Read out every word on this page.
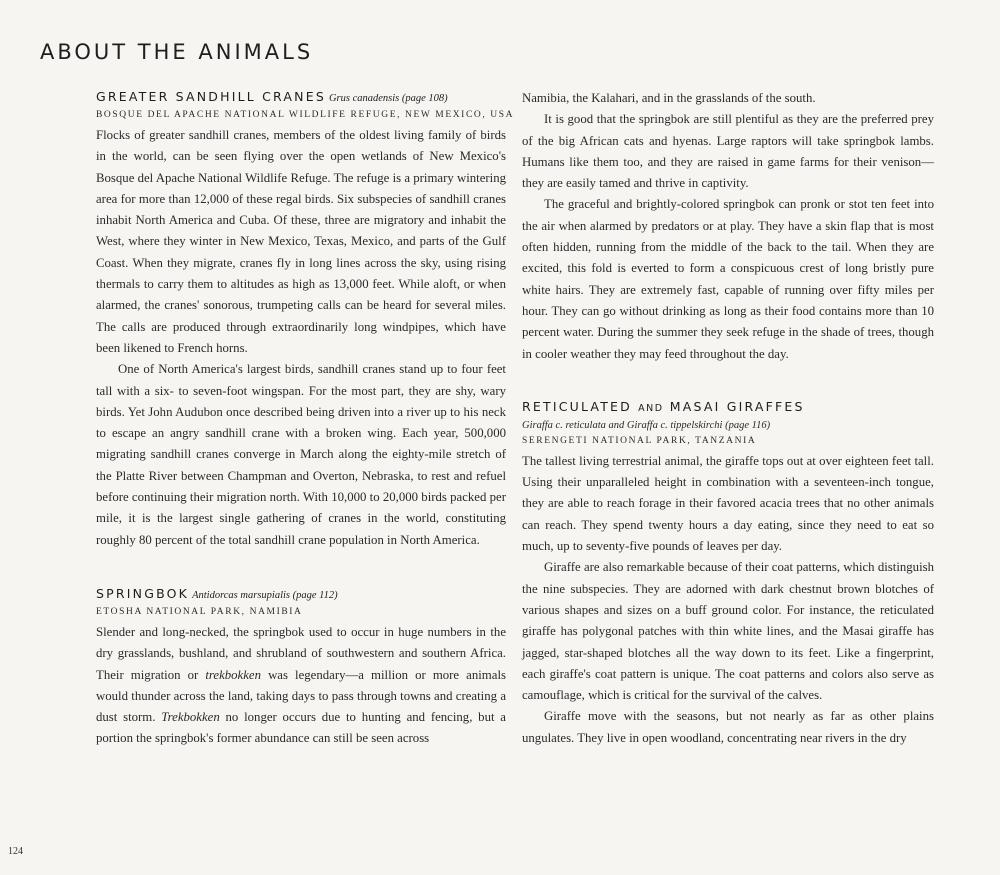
ABOUT THE ANIMALS
GREATER SANDHILL CRANES Grus canadensis (page 108)
BOSQUE DEL APACHE NATIONAL WILDLIFE REFUGE, NEW MEXICO, USA

Flocks of greater sandhill cranes, members of the oldest living family of birds in the world, can be seen flying over the open wetlands of New Mexico's Bosque del Apache National Wildlife Refuge. The refuge is a primary wintering area for more than 12,000 of these regal birds. Six subspecies of sandhill cranes inhabit North America and Cuba. Of these, three are migratory and inhabit the West, where they winter in New Mexico, Texas, Mexico, and parts of the Gulf Coast. When they migrate, cranes fly in long lines across the sky, using rising thermals to carry them to altitudes as high as 13,000 feet. While aloft, or when alarmed, the cranes' sonorous, trumpeting calls can be heard for several miles. The calls are produced through extraordinarily long windpipes, which have been likened to French horns.

One of North America's largest birds, sandhill cranes stand up to four feet tall with a six- to seven-foot wingspan. For the most part, they are shy, wary birds. Yet John Audubon once described being driven into a river up to his neck to escape an angry sandhill crane with a broken wing. Each year, 500,000 migrating sandhill cranes converge in March along the eighty-mile stretch of the Platte River between Champman and Overton, Nebraska, to rest and refuel before continuing their migration north. With 10,000 to 20,000 birds packed per mile, it is the largest single gathering of cranes in the world, constituting roughly 80 percent of the total sandhill crane population in North America.

SPRINGBOK Antidorcas marsupialis (page 112)
ETOSHA NATIONAL PARK, NAMIBIA

Slender and long-necked, the springbok used to occur in huge numbers in the dry grasslands, bushland, and shrubland of southwestern and southern Africa. Their migration or trekbokken was legendary—a million or more animals would thunder across the land, taking days to pass through towns and creating a dust storm. Trekbokken no longer occurs due to hunting and fencing, but a portion the springbok's former abundance can still be seen across

Namibia, the Kalahari, and in the grasslands of the south.

It is good that the springbok are still plentiful as they are the preferred prey of the big African cats and hyenas. Large raptors will take springbok lambs. Humans like them too, and they are raised in game farms for their venison—they are easily tamed and thrive in captivity.

The graceful and brightly-colored springbok can pronk or stot ten feet into the air when alarmed by predators or at play. They have a skin flap that is most often hidden, running from the middle of the back to the tail. When they are excited, this fold is everted to form a conspicuous crest of long bristly pure white hairs. They are extremely fast, capable of running over fifty miles per hour. They can go without drinking as long as their food contains more than 10 percent water. During the summer they seek refuge in the shade of trees, though in cooler weather they may feed throughout the day.

RETICULATED AND MASAI GIRAFFES
Giraffa c. reticulata and Giraffa c. tippelskirchi (page 116)
SERENGETI NATIONAL PARK, TANZANIA

The tallest living terrestrial animal, the giraffe tops out at over eighteen feet tall. Using their unparalleled height in combination with a seventeen-inch tongue, they are able to reach forage in their favored acacia trees that no other animals can reach. They spend twenty hours a day eating, since they need to eat so much, up to seventy-five pounds of leaves per day.

Giraffe are also remarkable because of their coat patterns, which distinguish the nine subspecies. They are adorned with dark chestnut brown blotches of various shapes and sizes on a buff ground color. For instance, the reticulated giraffe has polygonal patches with thin white lines, and the Masai giraffe has jagged, star-shaped blotches all the way down to its feet. Like a fingerprint, each giraffe's coat pattern is unique. The coat patterns and colors also serve as camouflage, which is critical for the survival of the calves.

Giraffe move with the seasons, but not nearly as far as other plains ungulates. They live in open woodland, concentrating near rivers in the dry

124
